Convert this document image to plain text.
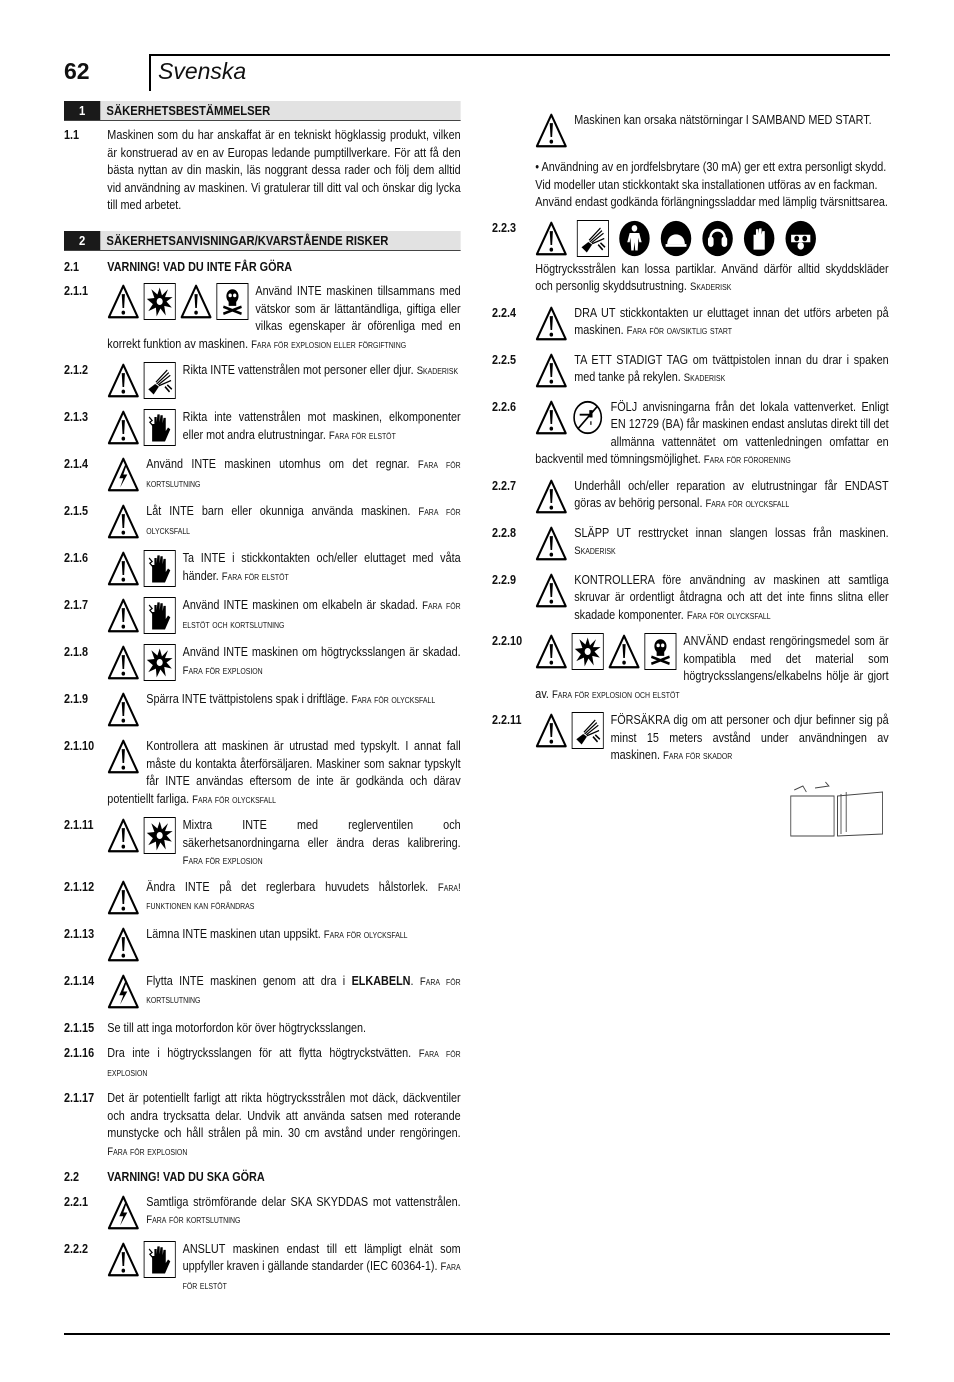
62	Svenska
1	SÄKERHETSBESTÄMMELSER
1.1	Maskinen som du har anskaffat är en tekniskt högklassig produkt, vilken är konstruerad av en av Europas ledande pumptillverkare. För att få den bästa nyttan av din maskin, läs noggrant dessa rader och följ dem alltid vid användning av maskinen. Vi gratulerar till ditt val och önskar dig lycka till med arbetet.
2	SÄKERHETSANVISNINGAR/KVARSTÅENDE RISKER
2.1	VARNING! VAD DU INTE FÅR GÖRA
2.1.1	Använd INTE maskinen tillsammans med vätskor som är lättantändliga, giftiga eller vilkas egenskaper är oförenliga med en korrekt funktion av maskinen. Fara för explosion eller förgiftning
2.1.2	Rikta INTE vattenstrålen mot personer eller djur. Skaderisk
2.1.3	Rikta inte vattenstrålen mot maskinen, elkomponenter eller mot andra elutrustningar. Fara för elstöt
2.1.4	Använd INTE maskinen utomhus om det regnar. Fara för kortslutning
2.1.5	Låt INTE barn eller okunniga använda maskinen. Fara för olycksfall
2.1.6	Ta INTE i stickkontakten och/eller eluttaget med våta händer. Fara för elstöt
2.1.7	Använd INTE maskinen om elkabeln är skadad. Fara för elstöt och kortslutning
2.1.8	Använd INTE maskinen om högtrycksslangen är skadad. Fara för explosion
2.1.9	Spärra INTE tvättpistolens spak i driftläge. Fara för olycksfall
2.1.10	Kontrollera att maskinen är utrustad med typskylt. I annat fall måste du kontakta återförsäljaren. Maskiner som saknar typskylt får INTE användas eftersom de inte är godkända och därav potentiellt farliga. Fara för olycksfall
2.1.11	Mixtra INTE med reglerventilen och säkerhetsanordningarna eller ändra deras kalibrering. Fara för explosion
2.1.12	Ändra INTE på det reglerbara huvudets hålstorlek. Fara! funktionen kan förändras
2.1.13	Lämna INTE maskinen utan uppsikt. Fara för olycksfall
2.1.14	Flytta INTE maskinen genom att dra i ELKABELN. Fara för kortslutning
2.1.15	Se till att inga motorfordon kör över högtrycksslangen.
2.1.16	Dra inte i högtrycksslangen för att flytta högtryckstvätten. Fara för explosion
2.1.17	Det är potentiellt farligt att rikta högtrycksstrålen mot däck, däckventiler och andra trycksatta delar. Undvik att använda satsen med roterande munstycke och håll strålen på min. 30 cm avstånd under rengöringen. Fara för explosion
2.2	VARNING! VAD DU SKA GÖRA
2.2.1	Samtliga strömförande delar SKA SKYDDAS mot vattenstrålen. Fara för kortslutning
2.2.2	ANSLUT maskinen endast till ett lämpligt elnät som uppfyller kraven i gällande standarder (IEC 60364-1). Fara för elstöt
Maskinen kan orsaka nätstörningar I SAMBAND MED START.

• Användning av en jordfelsbrytare (30 mA) ger ett extra personligt skydd.

Vid modeller utan stickkontakt ska installationen utföras av en fackman.

Använd endast godkända förlängningssladdar med lämplig tvärsnittsarea.

2.2.3
Högtrycksstrålen kan lossa partiklar. Använd därför alltid skyddskläder och personlig skyddsutrustning. Skaderisk
2.2.4	DRA UT stickkontakten ur eluttaget innan det utförs arbeten på maskinen. Fara för oavsiktlig start
2.2.5	TA ETT STADIGT TAG om tvättpistolen innan du drar i spaken med tanke på rekylen. Skaderisk
2.2.6	FÖLJ anvisningarna från det lokala vattenverket. Enligt EN 12729 (BA) får maskinen endast anslutas direkt till det allmänna vattennätet om vattenledningen omfattar en backventil med tömningsmöjlighet. Fara för förorening
2.2.7	Underhåll och/eller reparation av elutrustningar får ENDAST göras av behörig personal. Fara för olycksfall
2.2.8	SLÄPP UT resttrycket innan slangen lossas från maskinen. Skaderisk
2.2.9	KONTROLLERA före användning av maskinen att samtliga skruvar är ordentligt åtdragna och att det inte finns slitna eller skadade komponenter. Fara för olycksfall
2.2.10	ANVÄND endast rengöringsmedel som är kompatibla med det material som högtrycksslangens/elkabelns hölje är gjort av. Fara för explosion och elstöt
2.2.11	FÖRSÄKRA dig om att personer och djur befinner sig på minst 15 meters avstånd under användningen av maskinen. Fara för skador
